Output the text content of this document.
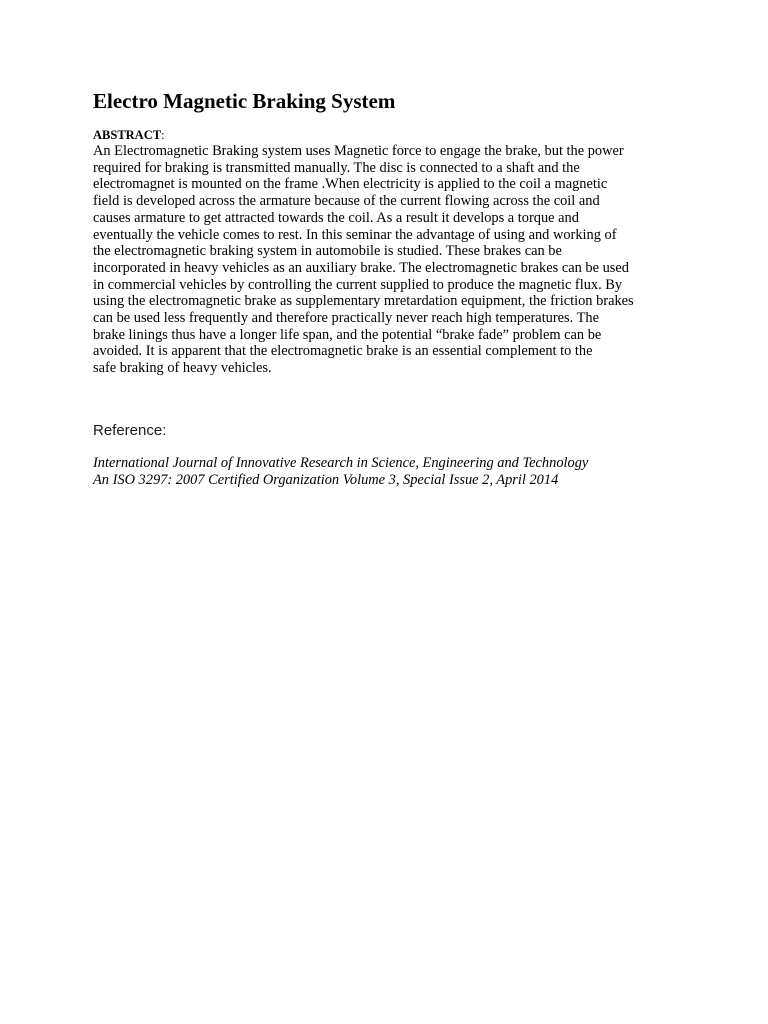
Electro Magnetic Braking System

ABSTRACT:

An Electromagnetic Braking system uses Magnetic force to engage the brake, but the power
required for braking is transmitted manually. The disc is connected to a shaft and the
electromagnet is mounted on the frame .When electricity is applied to the coil a magnetic
field is developed across the armature because of the current flowing across the coil and
causes armature to get attracted towards the coil. As a result it develops a torque and
eventually the vehicle comes to rest. In this seminar the advantage of using and working of
the electromagnetic braking system in automobile is studied. These brakes can be
incorporated in heavy vehicles as an auxiliary brake. The electromagnetic brakes can be used
in commercial vehicles by controlling the current supplied to produce the magnetic flux. By
using the electromagnetic brake as supplementary mretardation equipment, the friction brakes
can be used less frequently and therefore practically never reach high temperatures. The
brake linings thus have a longer life span, and the potential “brake fade” problem can be
avoided. It is apparent that the electromagnetic brake is an essential complement to the
safe braking of heavy vehicles.

Reference:

International Journal of Innovative Research in Science, Engineering and Technology
An ISO 3297: 2007 Certified Organization Volume 3, Special Issue 2, April 2014
